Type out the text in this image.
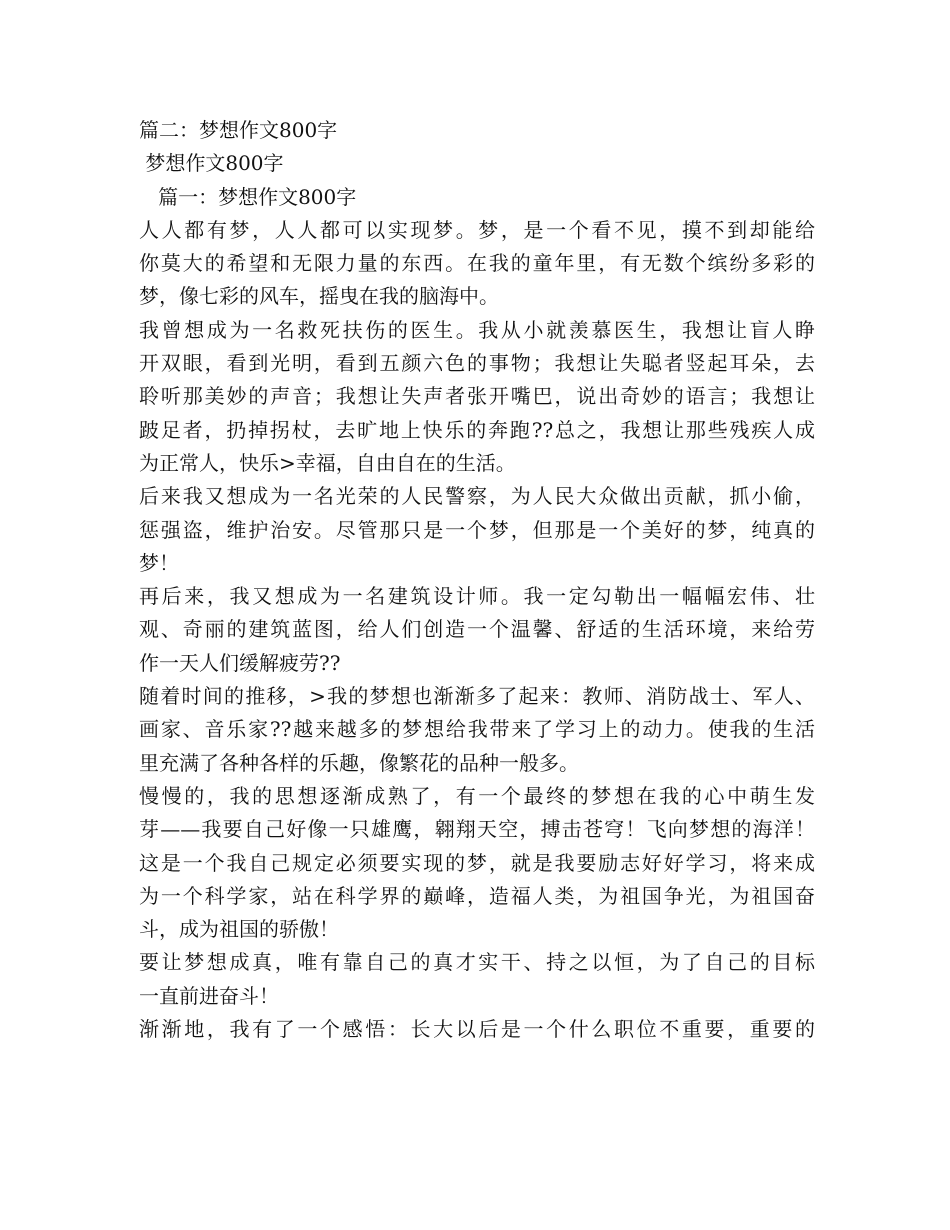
篇二：梦想作文800字
梦想作文800字
篇一：梦想作文800字
人人都有梦，人人都可以实现梦。梦，是一个看不见，摸不到却能给
你莫大的希望和无限力量的东西。在我的童年里，有无数个缤纷多彩的
梦，像七彩的风车，摇曳在我的脑海中。
我曾想成为一名救死扶伤的医生。我从小就羡慕医生，我想让盲人睁
开双眼，看到光明，看到五颜六色的事物；我想让失聪者竖起耳朵，去
聆听那美妙的声音；我想让失声者张开嘴巴，说出奇妙的语言；我想让
跛足者，扔掉拐杖，去旷地上快乐的奔跑??总之，我想让那些残疾人成
为正常人，快乐>幸福，自由自在的生活。
后来我又想成为一名光荣的人民警察，为人民大众做出贡献，抓小偷，
惩强盗，维护治安。尽管那只是一个梦，但那是一个美好的梦，纯真的
梦！
再后来，我又想成为一名建筑设计师。我一定勾勒出一幅幅宏伟、壮
观、奇丽的建筑蓝图，给人们创造一个温馨、舒适的生活环境，来给劳
作一天人们缓解疲劳??
随着时间的推移，>我的梦想也渐渐多了起来：教师、消防战士、军人、
画家、音乐家??越来越多的梦想给我带来了学习上的动力。使我的生活
里充满了各种各样的乐趣，像繁花的品种一般多。
慢慢的，我的思想逐渐成熟了，有一个最终的梦想在我的心中萌生发
芽——我要自己好像一只雄鹰，翱翔天空，搏击苍穹！飞向梦想的海洋！
这是一个我自己规定必须要实现的梦，就是我要励志好好学习，将来成
为一个科学家，站在科学界的巅峰，造福人类，为祖国争光，为祖国奋
斗，成为祖国的骄傲！
要让梦想成真，唯有靠自己的真才实干、持之以恒，为了自己的目标
一直前进奋斗！
渐渐地，我有了一个感悟：长大以后是一个什么职位不重要，重要的
